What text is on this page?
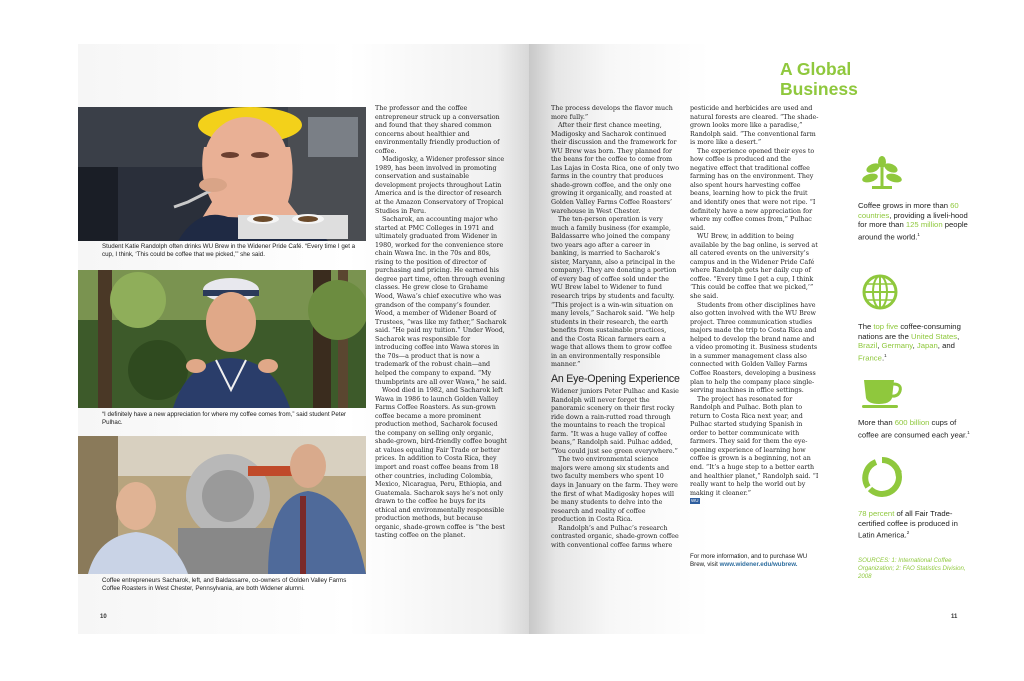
Student Katie Randolph often drinks WU Brew in the Widener Pride Café. “Every time I get a cup, I think, ‘This could be coffee that we picked,’” she said.
“I definitely have a new appreciation for where my coffee comes from,” said student Peter Pulhac.
Coffee entrepreneurs Sacharok, left, and Baldassarre, co-owners of Golden Valley Farms Coffee Roasters in West Chester, Pennsylvania, are both Widener alumni.

The professor and the coffee entrepreneur struck up a conversation and found that they shared common concerns about healthier and environmentally friendly production of coffee.

Madigosky, a Widener professor since 1989, has been involved in promoting conservation and sustainable development projects throughout Latin America and is the director of research at the Amazon Conservatory of Tropical Studies in Peru.

Sacharok, an accounting major who started at PMC Colleges in 1971 and ultimately graduated from Widener in 1980, worked for the convenience store chain Wawa Inc. in the 70s and 80s, rising to the position of director of purchasing and pricing. He earned his degree part time, often through evening classes. He grew close to Grahame Wood, Wawa’s chief executive who was grandson of the company’s founder. Wood, a member of Widener Board of Trustees, “was like my father,” Sacharok said. “He paid my tuition.” Under Wood, Sacharok was responsible for introducing coffee into Wawa stores in the 70s—a product that is now a trademark of the robust chain—and helped the company to expand. “My thumbprints are all over Wawa,” he said.

Wood died in 1982, and Sacharok left Wawa in 1986 to launch Golden Valley Farms Coffee Roasters. As sun-grown coffee became a more prominent production method, Sacharok focused the company on selling only organic, shade-grown, bird-friendly coffee bought at values equaling Fair Trade or better prices. In addition to Costa Rica, they import and roast coffee beans from 18 other countries, including Colombia, Mexico, Nicaragua, Peru, Ethiopia, and Guatemala. Sacharok says he’s not only drawn to the coffee he buys for its ethical and environmentally responsible production methods, but because organic, shade-grown coffee is “the best tasting coffee on the planet.

The process develops the flavor much more fully.”

After their first chance meeting, Madigosky and Sacharok continued their discussion and the framework for WU Brew was born. They planned for the beans for the coffee to come from Las Lajas in Costa Rica, one of only two farms in the country that produces shade-grown coffee, and the only one growing it organically, and roasted at Golden Valley Farms Coffee Roasters’ warehouse in West Chester.

The ten-person operation is very much a family business (for example, Baldassarre who joined the company two years ago after a career in banking, is married to Sacharok’s sister, Maryann, also a principal in the company). They are donating a portion of every bag of coffee sold under the WU Brew label to Widener to fund research trips by students and faculty. “This project is a win-win situation on many levels,” Sacharok said. “We help students in their research, the earth benefits from sustainable practices, and the Costa Rican farmers earn a wage that allows them to grow coffee in an environmentally responsible manner.”

An Eye-Opening Experience

Widener juniors Peter Pulhac and Kasie Randolph will never forget the panoramic scenery on their first rocky ride down a rain-rutted road through the mountains to reach the tropical farm. “It was a huge valley of coffee beans,” Randolph said. Pulhac added, “You could just see green everywhere.”

The two environmental science majors were among six students and two faculty members who spent 10 days in January on the farm. They were the first of what Madigosky hopes will be many students to delve into the research and reality of coffee production in Costa Rica.

Randolph’s and Pulhac’s research contrasted organic, shade-grown coffee with conventional coffee farms where

pesticide and herbicides are used and natural forests are cleared. “The shade-grown looks more like a paradise,” Randolph said. “The conventional farm is more like a desert.”

The experience opened their eyes to how coffee is produced and the negative effect that traditional coffee farming has on the environment. They also spent hours harvesting coffee beans, learning how to pick the fruit and identify ones that were not ripe. “I definitely have a new appreciation for where my coffee comes from,” Pulhac said.

WU Brew, in addition to being available by the bag online, is served at all catered events on the university’s campus and in the Widener Pride Café where Randolph gets her daily cup of coffee. “Every time I get a cup, I think ‘This could be coffee that we picked,’” she said.

Students from other disciplines have also gotten involved with the WU Brew project. Three communication studies majors made the trip to Costa Rica and helped to develop the brand name and a video promoting it. Business students in a summer management class also connected with Golden Valley Farms Coffee Roasters, developing a business plan to help the company place single-serving machines in office settings.

The project has resonated for Randolph and Pulhac. Both plan to return to Costa Rica next year, and Pulhac started studying Spanish in order to better communicate with farmers. They said for them the eye-opening experience of learning how coffee is grown is a beginning, not an end. “It’s a huge step to a better earth and healthier planet,” Randolph said. “I really want to help the world out by making it cleaner.”

WU
For more information, and to purchase WU Brew, visit www.widener.edu/wubrew.
A Global
Business
Coffee grows in more than 60 countries, providing a liveli-hood for more than 125 million people around the world.$^1$
The top five coffee-consuming nations are the United States, Brazil, Germany, Japan, and France.$^1$
More than 600 billion cups of coffee are consumed each year.$^1$
78 percent of all Fair Trade-certified coffee is produced in Latin America.$^2$
SOURCES: 1: International Coffee Organization; 2: FAO Statistics Division, 2008
10	11
